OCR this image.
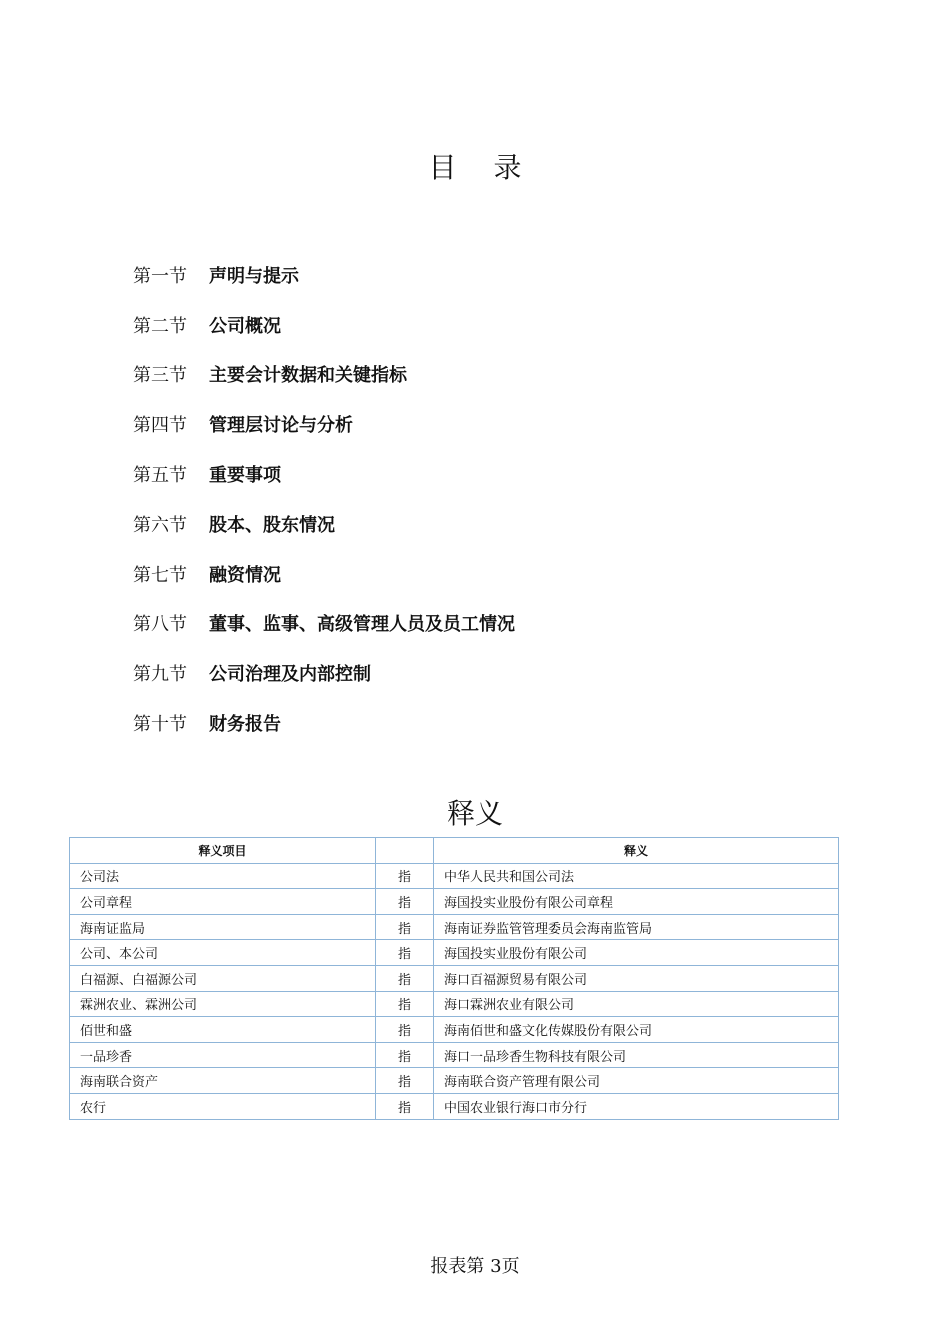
目 录
第一节	声明与提示
第二节	公司概况
第三节	主要会计数据和关键指标
第四节	管理层讨论与分析
第五节	重要事项
第六节	股本、股东情况
第七节	融资情况
第八节	董事、监事、高级管理人员及员工情况
第九节	公司治理及内部控制
第十节	财务报告
释义
释义项目		释义
公司法	指	中华人民共和国公司法
公司章程	指	海国投实业股份有限公司章程
海南证监局	指	海南证券监管管理委员会海南监管局
公司、本公司	指	海国投实业股份有限公司
白福源、白福源公司	指	海口百福源贸易有限公司
霖洲农业、霖洲公司	指	海口霖洲农业有限公司
佰世和盛	指	海南佰世和盛文化传媒股份有限公司
一品珍香	指	海口一品珍香生物科技有限公司
海南联合资产	指	海南联合资产管理有限公司
农行	指	中国农业银行海口市分行
报表第 3页
